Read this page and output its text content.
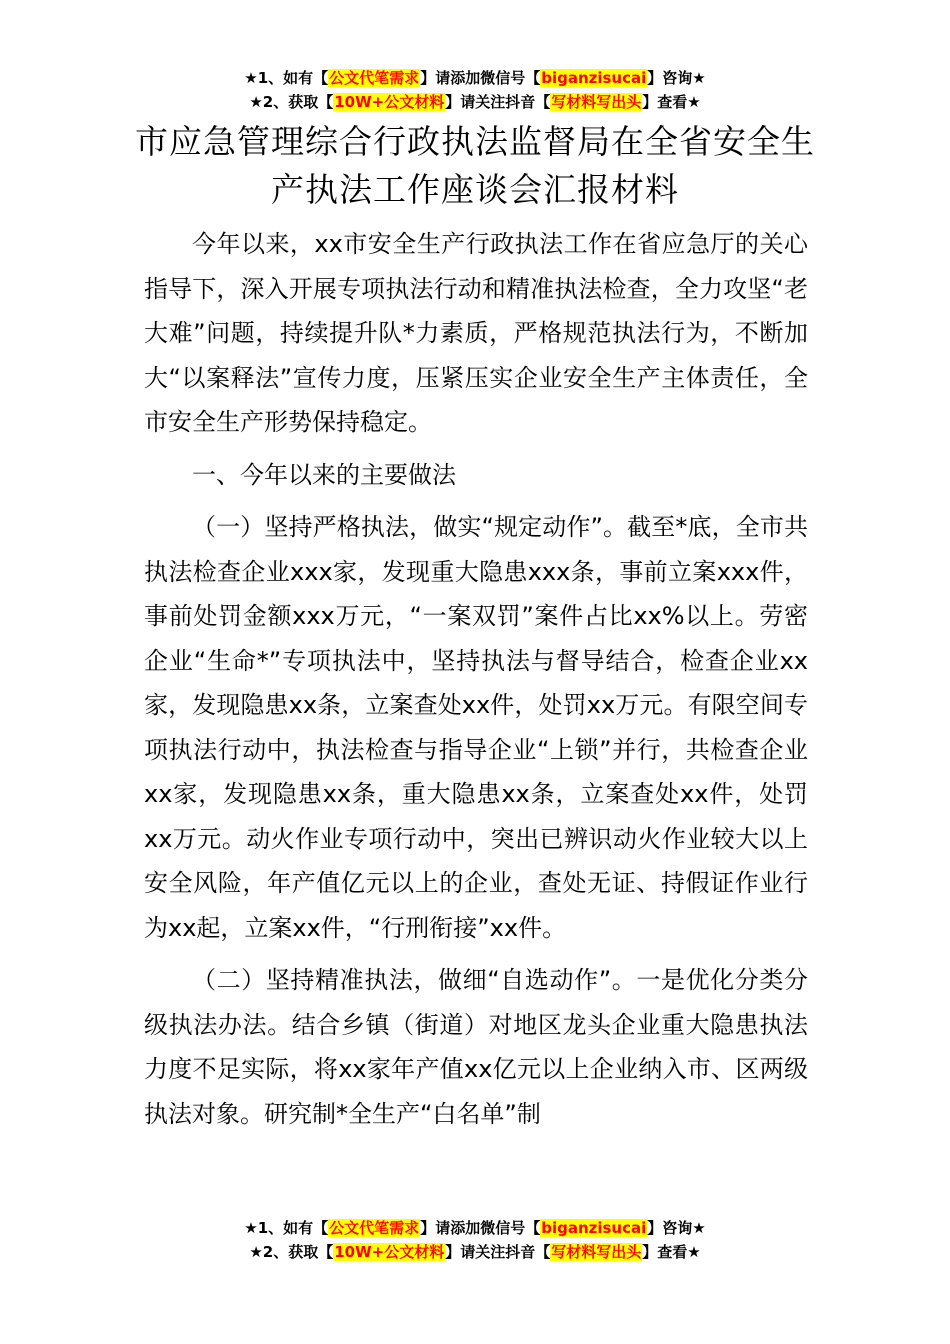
★1、如有【公文代笔需求】请添加微信号【biganzisucai】咨询★
★2、获取【10W+公文材料】请关注抖音【写材料写出头】查看★
市应急管理综合行政执法监督局在全省安全生产执法工作座谈会汇报材料

今年以来，xx市安全生产行政执法工作在省应急厅的关心指导下，深入开展专项执法行动和精准执法检查，全力攻坚“老大难”问题，持续提升队*力素质，严格规范执法行为，不断加大“以案释法”宣传力度，压紧压实企业安全生产主体责任，全市安全生产形势保持稳定。

一、今年以来的主要做法

（一）坚持严格执法，做实“规定动作”。截至*底，全市共执法检查企业xxx家，发现重大隐患xxx条，事前立案xxx件，事前处罚金额xxx万元，“一案双罚”案件占比xx%以上。劳密企业“生命*”专项执法中，坚持执法与督导结合，检查企业xx家，发现隐患xx条，立案查处xx件，处罚xx万元。有限空间专项执法行动中，执法检查与指导企业“上锁”并行，共检查企业xx家，发现隐患xx条，重大隐患xx条，立案查处xx件，处罚xx万元。动火作业专项行动中，突出已辨识动火作业较大以上安全风险，年产值亿元以上的企业，查处无证、持假证作业行为xx起，立案xx件，“行刑衔接”xx件。

（二）坚持精准执法，做细“自选动作”。一是优化分类分级执法办法。结合乡镇（街道）对地区龙头企业重大隐患执法力度不足实际，将xx家年产值xx亿元以上企业纳入市、区两级执法对象。研究制*全生产“白名单”制

★1、如有【公文代笔需求】请添加微信号【biganzisucai】咨询★
★2、获取【10W+公文材料】请关注抖音【写材料写出头】查看★
